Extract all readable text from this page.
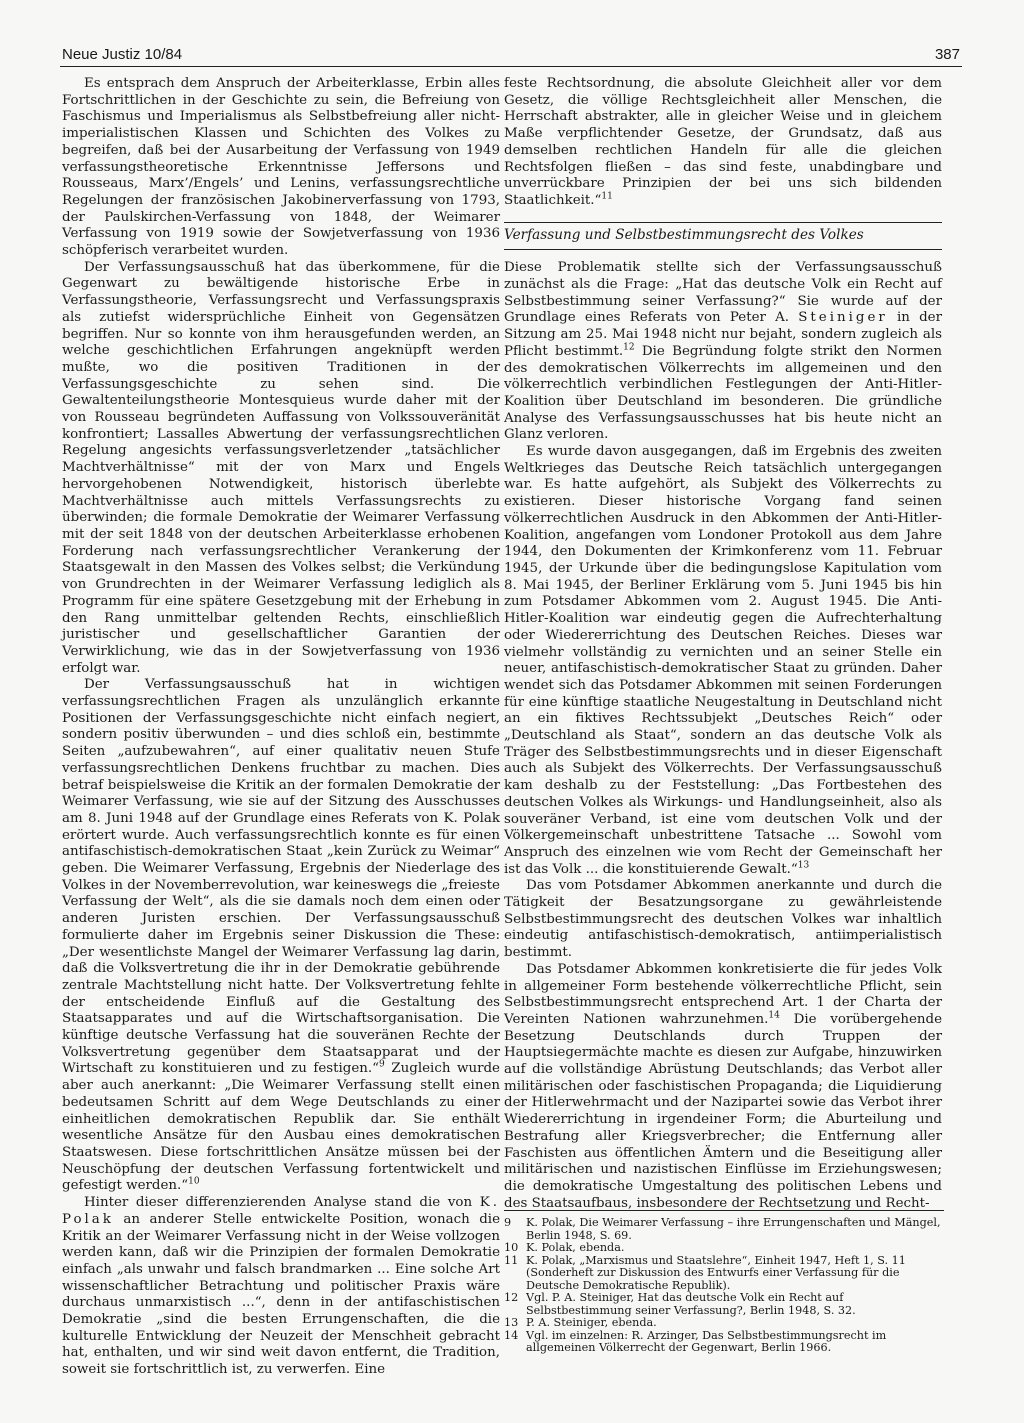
Neue Justiz 10/84	387

Es entsprach dem Anspruch der Arbeiterklasse, Erbin alles Fortschrittlichen in der Geschichte zu sein, die Befreiung von Faschismus und Imperialismus als Selbstbefreiung aller nicht-imperialistischen Klassen und Schichten des Volkes zu begreifen, daß bei der Ausarbeitung der Verfassung von 1949 verfassungstheoretische Erkenntnisse Jeffersons und Rousseaus, Marx’/Engels’ und Lenins, verfassungsrechtliche Regelungen der französischen Jakobinerverfassung von 1793, der Paulskirchen-Verfassung von 1848, der Weimarer Verfassung von 1919 sowie der Sowjetverfassung von 1936 schöpferisch verarbeitet wurden.

Der Verfassungsausschuß hat das überkommene, für die Gegenwart zu bewältigende historische Erbe in Verfassungstheorie, Verfassungsrecht und Verfassungspraxis als zutiefst widersprüchliche Einheit von Gegensätzen begriffen. Nur so konnte von ihm herausgefunden werden, an welche geschichtlichen Erfahrungen angeknüpft werden mußte, wo die positiven Traditionen in der Verfassungsgeschichte zu sehen sind. Die Gewaltenteilungstheorie Montesquieus wurde daher mit der von Rousseau begründeten Auffassung von Volkssouveränität konfrontiert; Lassalles Abwertung der verfassungsrechtlichen Regelung angesichts verfassungsverletzender „tatsächlicher Machtverhältnisse“ mit der von Marx und Engels hervorgehobenen Notwendigkeit, historisch überlebte Machtverhältnisse auch mittels Verfassungsrechts zu überwinden; die formale Demokratie der Weimarer Verfassung mit der seit 1848 von der deutschen Arbeiterklasse erhobenen Forderung nach verfassungsrechtlicher Verankerung der Staatsgewalt in den Massen des Volkes selbst; die Verkündung von Grundrechten in der Weimarer Verfassung lediglich als Programm für eine spätere Gesetzgebung mit der Erhebung in den Rang unmittelbar geltenden Rechts, einschließlich juristischer und gesellschaftlicher Garantien der Verwirklichung, wie das in der Sowjetverfassung von 1936 erfolgt war.

Der Verfassungsausschuß hat in wichtigen verfassungsrechtlichen Fragen als unzulänglich erkannte Positionen der Verfassungsgeschichte nicht einfach negiert, sondern positiv überwunden – und dies schloß ein, bestimmte Seiten „aufzubewahren“, auf einer qualitativ neuen Stufe verfassungsrechtlichen Denkens fruchtbar zu machen. Dies betraf beispielsweise die Kritik an der formalen Demokratie der Weimarer Verfassung, wie sie auf der Sitzung des Ausschusses am 8. Juni 1948 auf der Grundlage eines Referats von K. Polak erörtert wurde. Auch verfassungsrechtlich konnte es für einen antifaschistisch-demokratischen Staat „kein Zurück zu Weimar“ geben. Die Weimarer Verfassung, Ergebnis der Niederlage des Volkes in der Novemberrevolution, war keineswegs die „freieste Verfassung der Welt“, als die sie damals noch dem einen oder anderen Juristen erschien. Der Verfassungsausschuß formulierte daher im Ergebnis seiner Diskussion die These: „Der wesentlichste Mangel der Weimarer Verfassung lag darin, daß die Volksvertretung die ihr in der Demokratie gebührende zentrale Machtstellung nicht hatte. Der Volksvertretung fehlte der entscheidende Einfluß auf die Gestaltung des Staatsapparates und auf die Wirtschaftsorganisation. Die künftige deutsche Verfassung hat die souveränen Rechte der Volksvertretung gegenüber dem Staatsapparat und der Wirtschaft zu konstituieren und zu festigen.“$^9$ Zugleich wurde aber auch anerkannt: „Die Weimarer Verfassung stellt einen bedeutsamen Schritt auf dem Wege Deutschlands zu einer einheitlichen demokratischen Republik dar. Sie enthält wesentliche Ansätze für den Ausbau eines demokratischen Staatswesen. Diese fortschrittlichen Ansätze müssen bei der Neuschöpfung der deutschen Verfassung fortentwickelt und gefestigt werden.“$^{10}$

Hinter dieser differenzierenden Analyse stand die von K. Polak an anderer Stelle entwickelte Position, wonach die Kritik an der Weimarer Verfassung nicht in der Weise vollzogen werden kann, daß wir die Prinzipien der formalen Demokratie einfach „als unwahr und falsch brandmarken ... Eine solche Art wissenschaftlicher Betrachtung und politischer Praxis wäre durchaus unmarxistisch ...“, denn in der antifaschistischen Demokratie „sind die besten Errungenschaften, die die kulturelle Entwicklung der Neuzeit der Menschheit gebracht hat, enthalten, und wir sind weit davon entfernt, die Tradition, soweit sie fortschrittlich ist, zu verwerfen. Eine

feste Rechtsordnung, die absolute Gleichheit aller vor dem Gesetz, die völlige Rechtsgleichheit aller Menschen, die Herrschaft abstrakter, alle in gleicher Weise und in gleichem Maße verpflichtender Gesetze, der Grundsatz, daß aus demselben rechtlichen Handeln für alle die gleichen Rechtsfolgen fließen – das sind feste, unabdingbare und unverrückbare Prinzipien der bei uns sich bildenden Staatlichkeit.“$^{11}$

Verfassung und Selbstbestimmungsrecht des Volkes

Diese Problematik stellte sich der Verfassungsausschuß zunächst als die Frage: „Hat das deutsche Volk ein Recht auf Selbstbestimmung seiner Verfassung?“ Sie wurde auf der Grundlage eines Referats von Peter A. Steiniger in der Sitzung am 25. Mai 1948 nicht nur bejaht, sondern zugleich als Pflicht bestimmt.$^{12}$ Die Begründung folgte strikt den Normen des demokratischen Völkerrechts im allgemeinen und den völkerrechtlich verbindlichen Festlegungen der Anti-Hitler-Koalition über Deutschland im besonderen. Die gründliche Analyse des Verfassungsausschusses hat bis heute nicht an Glanz verloren.

Es wurde davon ausgegangen, daß im Ergebnis des zweiten Weltkrieges das Deutsche Reich tatsächlich untergegangen war. Es hatte aufgehört, als Subjekt des Völkerrechts zu existieren. Dieser historische Vorgang fand seinen völkerrechtlichen Ausdruck in den Abkommen der Anti-Hitler-Koalition, angefangen vom Londoner Protokoll aus dem Jahre 1944, den Dokumenten der Krimkonferenz vom 11. Februar 1945, der Urkunde über die bedingungslose Kapitulation vom 8. Mai 1945, der Berliner Erklärung vom 5. Juni 1945 bis hin zum Potsdamer Abkommen vom 2. August 1945. Die Anti-Hitler-Koalition war eindeutig gegen die Aufrechterhaltung oder Wiedererrichtung des Deutschen Reiches. Dieses war vielmehr vollständig zu vernichten und an seiner Stelle ein neuer, antifaschistisch-demokratischer Staat zu gründen. Daher wendet sich das Potsdamer Abkommen mit seinen Forderungen für eine künftige staatliche Neugestaltung in Deutschland nicht an ein fiktives Rechtssubjekt „Deutsches Reich“ oder „Deutschland als Staat“, sondern an das deutsche Volk als Träger des Selbstbestimmungsrechts und in dieser Eigenschaft auch als Subjekt des Völkerrechts. Der Verfassungsausschuß kam deshalb zu der Feststellung: „Das Fortbestehen des deutschen Volkes als Wirkungs- und Handlungseinheit, also als souveräner Verband, ist eine vom deutschen Volk und der Völkergemeinschaft unbestrittene Tatsache ... Sowohl vom Anspruch des einzelnen wie vom Recht der Gemeinschaft her ist das Volk ... die konstituierende Gewalt.“$^{13}$

Das vom Potsdamer Abkommen anerkannte und durch die Tätigkeit der Besatzungsorgane zu gewährleistende Selbstbestimmungsrecht des deutschen Volkes war inhaltlich eindeutig antifaschistisch-demokratisch, antiimperialistisch bestimmt.

Das Potsdamer Abkommen konkretisierte die für jedes Volk in allgemeiner Form bestehende völkerrechtliche Pflicht, sein Selbstbestimmungsrecht entsprechend Art. 1 der Charta der Vereinten Nationen wahrzunehmen.$^{14}$ Die vorübergehende Besetzung Deutschlands durch Truppen der Hauptsiegermächte machte es diesen zur Aufgabe, hinzuwirken auf die vollständige Abrüstung Deutschlands; das Verbot aller militärischen oder faschistischen Propaganda; die Liquidierung der Hitlerwehrmacht und der Nazipartei sowie das Verbot ihrer Wiedererrichtung in irgendeiner Form; die Aburteilung und Bestrafung aller Kriegsverbrecher; die Entfernung aller Faschisten aus öffentlichen Ämtern und die Beseitigung aller militärischen und nazistischen Einflüsse im Erziehungswesen; die demokratische Umgestaltung des politischen Lebens und des Staatsaufbaus, insbesondere der Rechtsetzung und Recht-

9	K. Polak, Die Weimarer Verfassung – ihre Errungenschaften und Mängel, Berlin 1948, S. 69.
10 K. Polak, ebenda.
11 K. Polak, „Marxismus und Staatslehre“, Einheit 1947, Heft 1, S. 11 (Sonderheft zur Diskussion des Entwurfs einer Verfassung für die Deutsche Demokratische Republik).
12 Vgl. P. A. Steiniger, Hat das deutsche Volk ein Recht auf Selbstbestimmung seiner Verfassung?, Berlin 1948, S. 32.
13 P. A. Steiniger, ebenda.
14 Vgl. im einzelnen: R. Arzinger, Das Selbstbestimmungsrecht im allgemeinen Völkerrecht der Gegenwart, Berlin 1966.
